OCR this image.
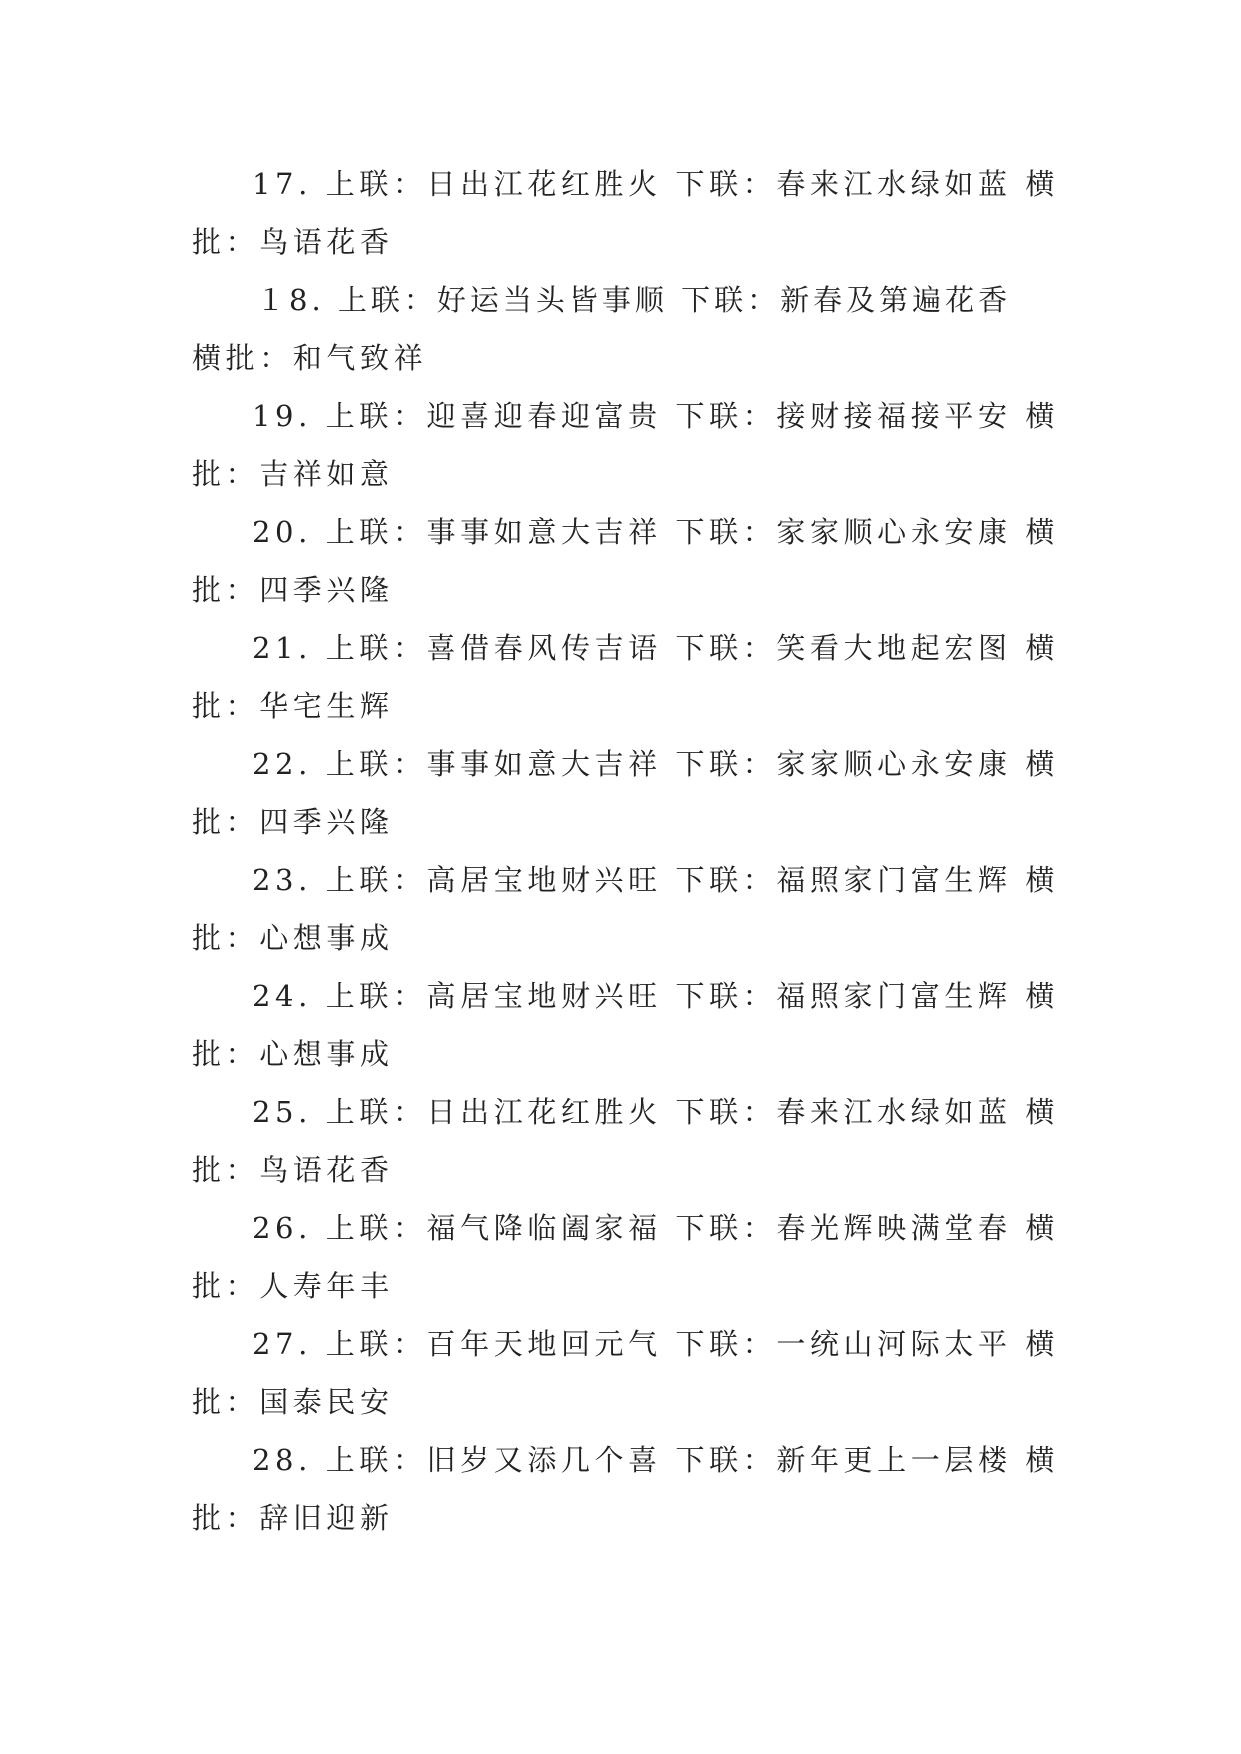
17. 上联：日出江花红胜火 下联：春来江水绿如蓝 横
批：鸟语花香
１8. 上联：好运当头皆事顺 下联：新春及第遍花香
横批：和气致祥
19. 上联：迎喜迎春迎富贵 下联：接财接福接平安 横
批：吉祥如意
20. 上联：事事如意大吉祥 下联：家家顺心永安康 横
批：四季兴隆
21. 上联：喜借春风传吉语 下联：笑看大地起宏图 横
批：华宅生辉
22. 上联：事事如意大吉祥 下联：家家顺心永安康 横
批：四季兴隆
23. 上联：高居宝地财兴旺 下联：福照家门富生辉 横
批：心想事成
24. 上联：高居宝地财兴旺 下联：福照家门富生辉 横
批：心想事成
25. 上联：日出江花红胜火 下联：春来江水绿如蓝 横
批：鸟语花香
26. 上联：福气降临阖家福 下联：春光辉映满堂春 横
批：人寿年丰
27. 上联：百年天地回元气 下联：一统山河际太平 横
批：国泰民安
28. 上联：旧岁又添几个喜 下联：新年更上一层楼 横
批：辞旧迎新
